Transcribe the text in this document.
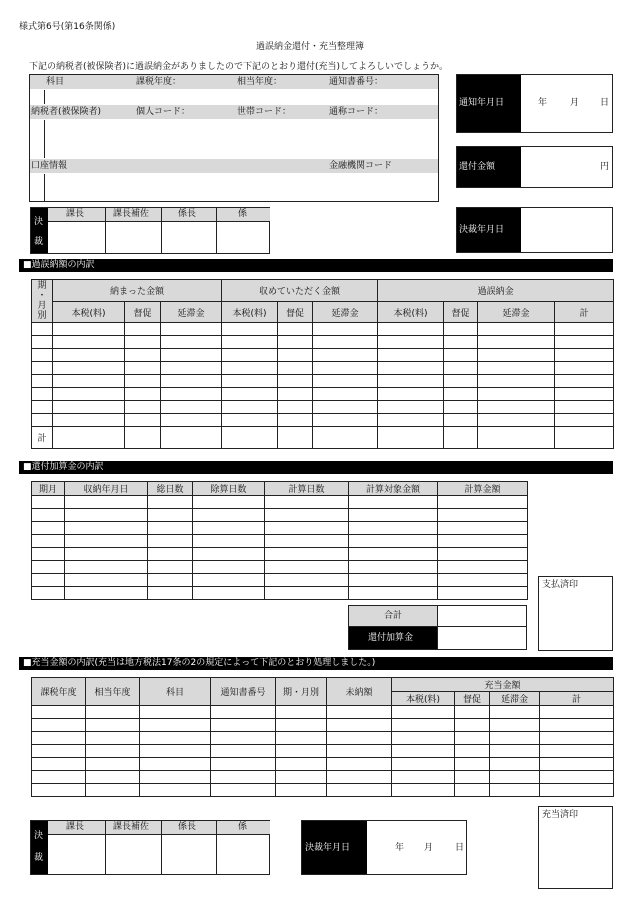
様式第6号(第16条関係)
過誤納金還付・充当整理簿
下記の納税者(被保険者)に過誤納金がありましたので下記のとおり還付(充当)してよろしいでしょうか。
科目	課税年度：	相当年度：	通知書番号：
納税者(被保険者)	個人コード：	世帯コード：	通称コード：
口座情報	金融機関コード
通知年月日	年	月 日
還付金額	円
決裁年月日
決
裁
課長	課長補佐	係長	係
■過誤納額の内訳
期
・
月
別	納まった金額			収めていただく金額			過誤納金			
	本税(料)	督促	延滞金	本税(料)	督促	延滞金	本税(料)	督促	延滞金	計

計										
■還付加算金の内訳
期月	収納年月日	総日数	除算日数	計算日数	計算対象金額	計算金額

合計
還付加算金
支払済印
■充当金額の内訳(充当は地方税法17条の2の規定によって下記のとおり処理しました。)
課税年度	相当年度	科目	通知書番号	期・月別	未納額	充当金額			
						本税(料)	督促	延滞金	計

充当済印
決
裁
課長	課長補佐	係長	係
決裁年月日	年 月 日
